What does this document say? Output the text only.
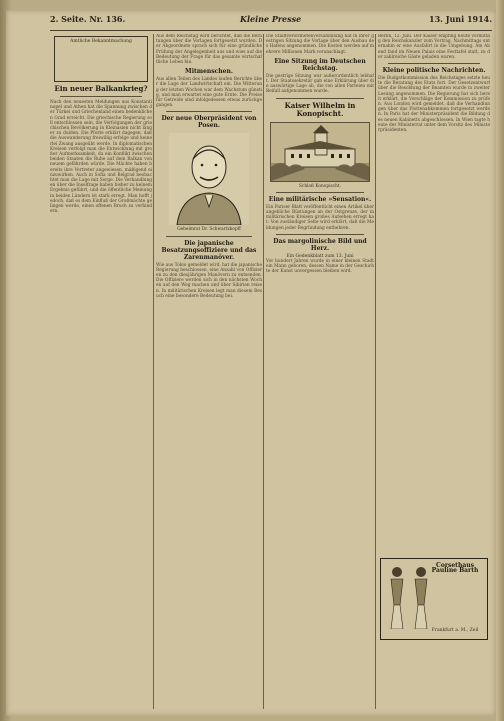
2. Seite. Nr. 136.	Kleine Presse	13. Juni 1914.
Amtliche Bekanntmachung
Ein neuer Balkankrieg?
Nach den neuesten Meldungen aus Konstantinopel und Athen hat die Spannung zwischen der Türkei und Griechenland einen bedenklichen Grad erreicht. Die griechische Regierung soll entschlossen sein, die Verfolgungen der griechischen Bevölkerung in Kleinasien nicht länger zu dulden. Die Pforte erklärt dagegen, daß die Auswanderung freiwillig erfolge und keinerlei Zwang ausgeübt werde. In diplomatischen Kreisen verfolgt man die Entwicklung mit großer Aufmerksamkeit, da ein Konflikt zwischen beiden Staaten die Ruhe auf dem Balkan von neuem gefährden würde. Die Mächte haben bereits ihre Vertreter angewiesen, mäßigend einzuwirken. Auch in Sofia und Belgrad beobachtet man die Lage mit Sorge. Die Verhandlungen über die Inselfrage haben bisher zu keinem Ergebnis geführt, und die öffentliche Meinung in beiden Ländern ist stark erregt. Man hofft jedoch, daß es dem Einfluß der Großmächte gelingen werde, einen offenen Bruch zu verhindern.
Aus dem Reichstag wird berichtet, daß die Beratungen über die Vorlagen fortgesetzt wurden. Der Abgeordnete sprach sich für eine gründliche Prüfung der Angelegenheit aus und wies auf die Bedeutung der Frage für das gesamte wirtschaftliche Leben hin.
Mitmenschen.
Aus allen Teilen des Landes laufen Berichte über die Lage der Landwirtschaft ein. Die Witterung der letzten Wochen war dem Wachstum günstig, und man erwartet eine gute Ernte. Die Preise für Getreide sind infolgedessen etwas zurückgegangen.
Der neue Oberpräsident von Posen.
Geheimrat Dr. Schwartzkopff
Die japanische Besatzungsoffiziere und das Zarenmanöver.
Wie aus Tokio gemeldet wird, hat die japanische Regierung beschlossen, eine Anzahl von Offizieren zu den diesjährigen Manövern zu entsenden. Die Offiziere werden sich in den nächsten Wochen auf den Weg machen und über Sibirien reisen. In militärischen Kreisen legt man diesem Besuch eine besondere Bedeutung bei.
Die Stadtverordnetenversammlung hat in ihrer gestrigen Sitzung die Vorlage über den Ausbau des Hafens angenommen. Die Kosten werden auf mehrere Millionen Mark veranschlagt.
Eine Sitzung im Deutschen Reichstag.
Die gestrige Sitzung war außerordentlich lebhaft. Der Staatssekretär gab eine Erklärung über die auswärtige Lage ab, die von allen Parteien mit Beifall aufgenommen wurde.
Kaiser Wilhelm in Konopischt.
Schloß Konopischt.
Eine militärische »Sensation«.
Ein Pariser Blatt veröffentlicht einen Artikel über angebliche Rüstungen an der Ostgrenze, der in militärischen Kreisen großes Aufsehen erregt hat. Von zuständiger Seite wird erklärt, daß die Meldungen jeder Begründung entbehren.
Das margolinische Bild und Herz.
Ein Gedenkblatt zum 13. Juni
Vor hundert Jahren wurde in einer kleinen Stadt ein Mann geboren, dessen Name in der Geschichte der Kunst unvergessen bleiben wird.
Berlin, 12. Juni. Der Kaiser empfing heute vormittag den Reichskanzler zum Vortrag. Nachmittags unternahm er eine Ausfahrt in die Umgebung. Am Abend fand im Neuen Palais eine Festtafel statt, zu der zahlreiche Gäste geladen waren.
Kleine politische Nachrichten.
Die Budgetkommission des Reichstages setzte heute die Beratung des Etats fort. Der Gesetzentwurf über die Besoldung der Beamten wurde in zweiter Lesung angenommen. Die Regierung hat sich bereit erklärt, die Vorschläge der Kommission zu prüfen. Aus London wird gemeldet, daß die Verhandlungen über das Flottenabkommen fortgesetzt werden. In Paris hat der Ministerpräsident die Bildung des neuen Kabinetts abgeschlossen. In Wien tagte heute der Ministerrat unter dem Vorsitz des Ministerpräsidenten.
Corsethaus Pauline Barth
Frankfurt a. M., Zeil
